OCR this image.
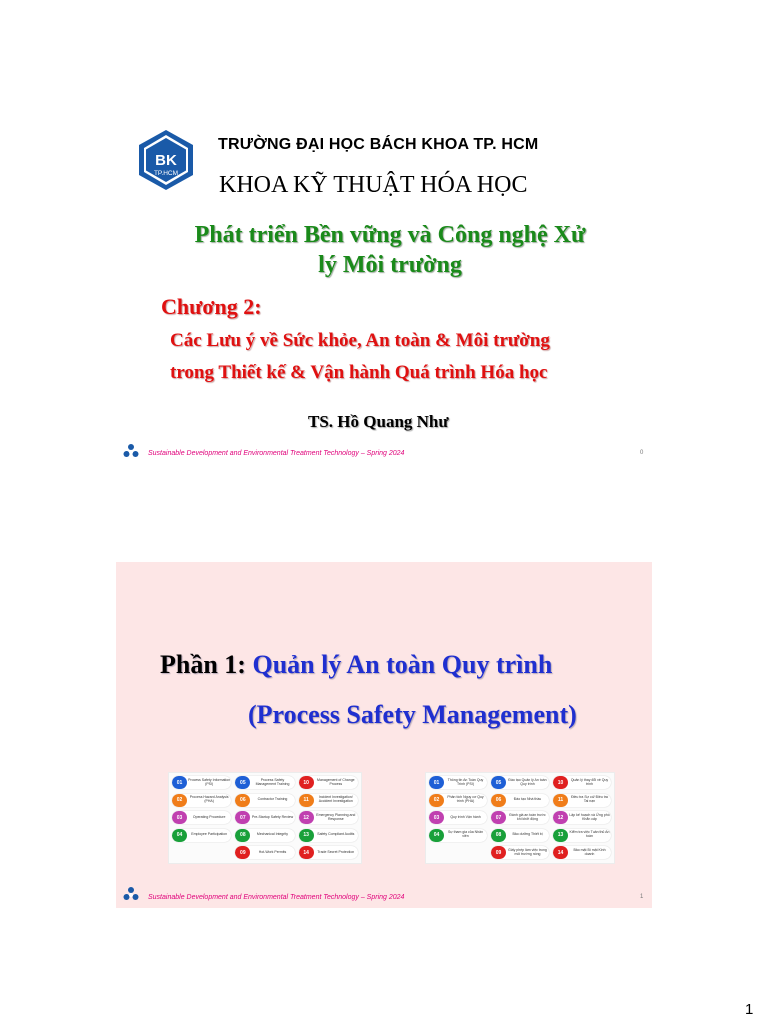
BK
TP.HCM
TRƯỜNG ĐẠI HỌC BÁCH KHOA TP. HCM
KHOA KỸ THUẬT HÓA HỌC
Phát triển Bền vững và Công nghệ Xử
lý Môi trường
Chương 2:
Các Lưu ý về Sức khỏe, An toàn & Môi trường
trong Thiết kế & Vận hành Quá trình Hóa học
TS. Hồ Quang Như
Sustainable Development and Environmental Treatment Technology – Spring 2024	0
Phần 1: Quản lý An toàn Quy trình
(Process Safety Management)
01	Process Safety Information (PSI)	05	Process Safety Management Training	10	Management of Change Process
02	Process Hazard Analysis (PHA)	06	Contractor Training	11	Incident Investigation/ Accident Investigation
03	Operating Procedure	07	Pre-Startup Safety Review	12	Emergency Planning and Response
04	Employee Participation	08	Mechanical Integrity	13	Safety Compliant Audits
09	Hot-Work Permits	14	Trade Secret Protection
01	Thông tin An Toàn Quy Trình (PSI)	05	Đào tạo Quản lý An toàn Quy trình	10	Quản lý thay đổi về Quy trình
02	Phân tích Nguy cơ Quy trình (PHA)	06	Đào tạo Nhà thầu	11	Điều tra Sự cố/ Điều tra Tai nạn
03	Quy trình Vận hành	07	Đánh giá an toàn trước khi khởi động	12	Lập kế hoạch và Ứng phó Khẩn cấp
04	Sự tham gia của Nhân viên	08	Bảo dưỡng Thiết bị	13	Kiểm tra việc Tuân thủ An toàn
09	Giấy phép làm việc trong môi trường nóng	14	Bảo mật Bí mật Kinh doanh
Sustainable Development and Environmental Treatment Technology – Spring 2024	1
1
